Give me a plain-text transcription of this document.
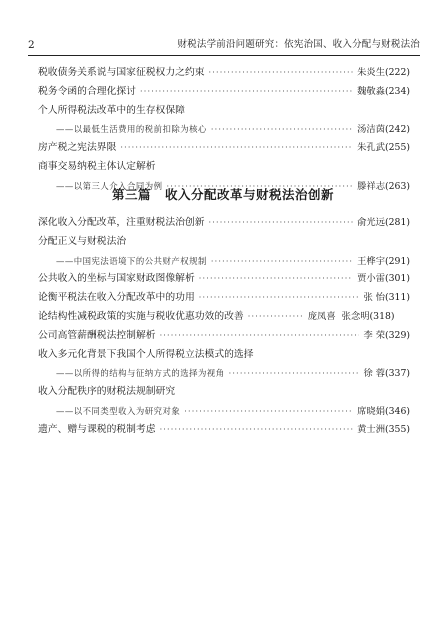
2	财税法学前沿问题研究：依宪治国、收入分配与财税法治
税收债务关系说与国家征税权力之约束 ·····	朱炎生(222)
税务令函的合理化探讨 ·····	魏敬淼(234)
个人所得税法改革中的生存权保障
——以最低生活费用的税前扣除为核心 ·····	汤洁茵(242)
房产税之宪法界限 ·····	朱孔武(255)
商事交易纳税主体认定解析
——以第三人介入合同为例 ·····	滕祥志(263)
第三篇 收入分配改革与财税法治创新
深化收入分配改革，注重财税法治创新 ·····	俞光远(281)
分配正义与财税法治
——中国宪法语境下的公共财产权规制 ·····	王桦宇(291)
公共收入的坐标与国家财政图像解析 ·····	贾小雷(301)
论衡平税法在收入分配改革中的功用 ·····	张 怡(311)
论结构性减税政策的实施与税收优惠功效的改善 ·····	庞凤喜 张念明(318)
公司高管薪酬税法控制解析 ·····	李 荣(329)
收入多元化背景下我国个人所得税立法模式的选择
——以所得的结构与征纳方式的选择为视角 ·····	徐 蓉(337)
收入分配秩序的财税法规制研究
——以不同类型收入为研究对象 ·····	席晓娟(346)
遗产、赠与课税的税制考虑 ·····	黄士洲(355)
